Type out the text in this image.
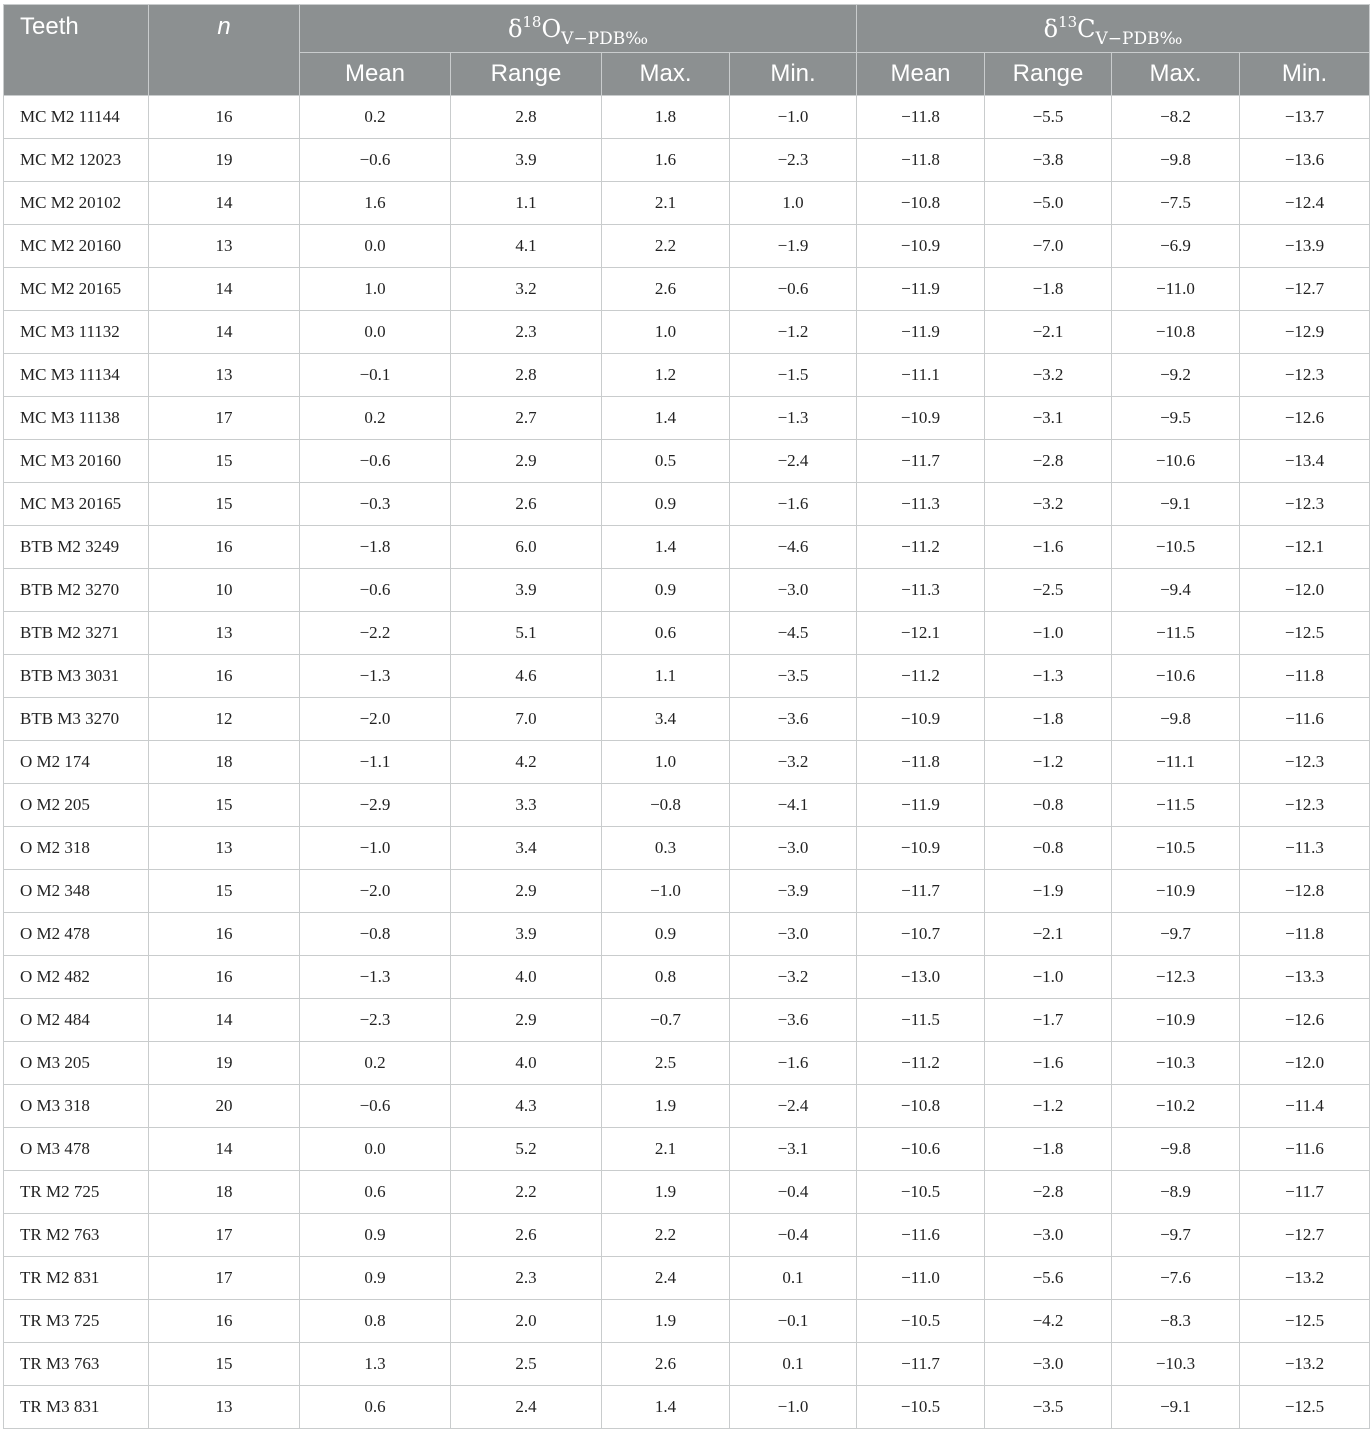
Teeth	n	$\delta^{18}O_{V-PDB‰}$				$\delta^{13}C_{V-PDB‰}$
		Mean	Range	Max.	Min.	Mean	Range	Max.	Min.
MC M2 11144	16	0.2	2.8	1.8	−1.0	−11.8	−5.5	−8.2	−13.7
MC M2 12023	19	−0.6	3.9	1.6	−2.3	−11.8	−3.8	−9.8	−13.6
MC M2 20102	14	1.6	1.1	2.1	1.0	−10.8	−5.0	−7.5	−12.4
MC M2 20160	13	0.0	4.1	2.2	−1.9	−10.9	−7.0	−6.9	−13.9
MC M2 20165	14	1.0	3.2	2.6	−0.6	−11.9	−1.8	−11.0	−12.7
MC M3 11132	14	0.0	2.3	1.0	−1.2	−11.9	−2.1	−10.8	−12.9
MC M3 11134	13	−0.1	2.8	1.2	−1.5	−11.1	−3.2	−9.2	−12.3
MC M3 11138	17	0.2	2.7	1.4	−1.3	−10.9	−3.1	−9.5	−12.6
MC M3 20160	15	−0.6	2.9	0.5	−2.4	−11.7	−2.8	−10.6	−13.4
MC M3 20165	15	−0.3	2.6	0.9	−1.6	−11.3	−3.2	−9.1	−12.3
BTB M2 3249	16	−1.8	6.0	1.4	−4.6	−11.2	−1.6	−10.5	−12.1
BTB M2 3270	10	−0.6	3.9	0.9	−3.0	−11.3	−2.5	−9.4	−12.0
BTB M2 3271	13	−2.2	5.1	0.6	−4.5	−12.1	−1.0	−11.5	−12.5
BTB M3 3031	16	−1.3	4.6	1.1	−3.5	−11.2	−1.3	−10.6	−11.8
BTB M3 3270	12	−2.0	7.0	3.4	−3.6	−10.9	−1.8	−9.8	−11.6
O M2 174	18	−1.1	4.2	1.0	−3.2	−11.8	−1.2	−11.1	−12.3
O M2 205	15	−2.9	3.3	−0.8	−4.1	−11.9	−0.8	−11.5	−12.3
O M2 318	13	−1.0	3.4	0.3	−3.0	−10.9	−0.8	−10.5	−11.3
O M2 348	15	−2.0	2.9	−1.0	−3.9	−11.7	−1.9	−10.9	−12.8
O M2 478	16	−0.8	3.9	0.9	−3.0	−10.7	−2.1	−9.7	−11.8
O M2 482	16	−1.3	4.0	0.8	−3.2	−13.0	−1.0	−12.3	−13.3
O M2 484	14	−2.3	2.9	−0.7	−3.6	−11.5	−1.7	−10.9	−12.6
O M3 205	19	0.2	4.0	2.5	−1.6	−11.2	−1.6	−10.3	−12.0
O M3 318	20	−0.6	4.3	1.9	−2.4	−10.8	−1.2	−10.2	−11.4
O M3 478	14	0.0	5.2	2.1	−3.1	−10.6	−1.8	−9.8	−11.6
TR M2 725	18	0.6	2.2	1.9	−0.4	−10.5	−2.8	−8.9	−11.7
TR M2 763	17	0.9	2.6	2.2	−0.4	−11.6	−3.0	−9.7	−12.7
TR M2 831	17	0.9	2.3	2.4	0.1	−11.0	−5.6	−7.6	−13.2
TR M3 725	16	0.8	2.0	1.9	−0.1	−10.5	−4.2	−8.3	−12.5
TR M3 763	15	1.3	2.5	2.6	0.1	−11.7	−3.0	−10.3	−13.2
TR M3 831	13	0.6	2.4	1.4	−1.0	−10.5	−3.5	−9.1	−12.5
